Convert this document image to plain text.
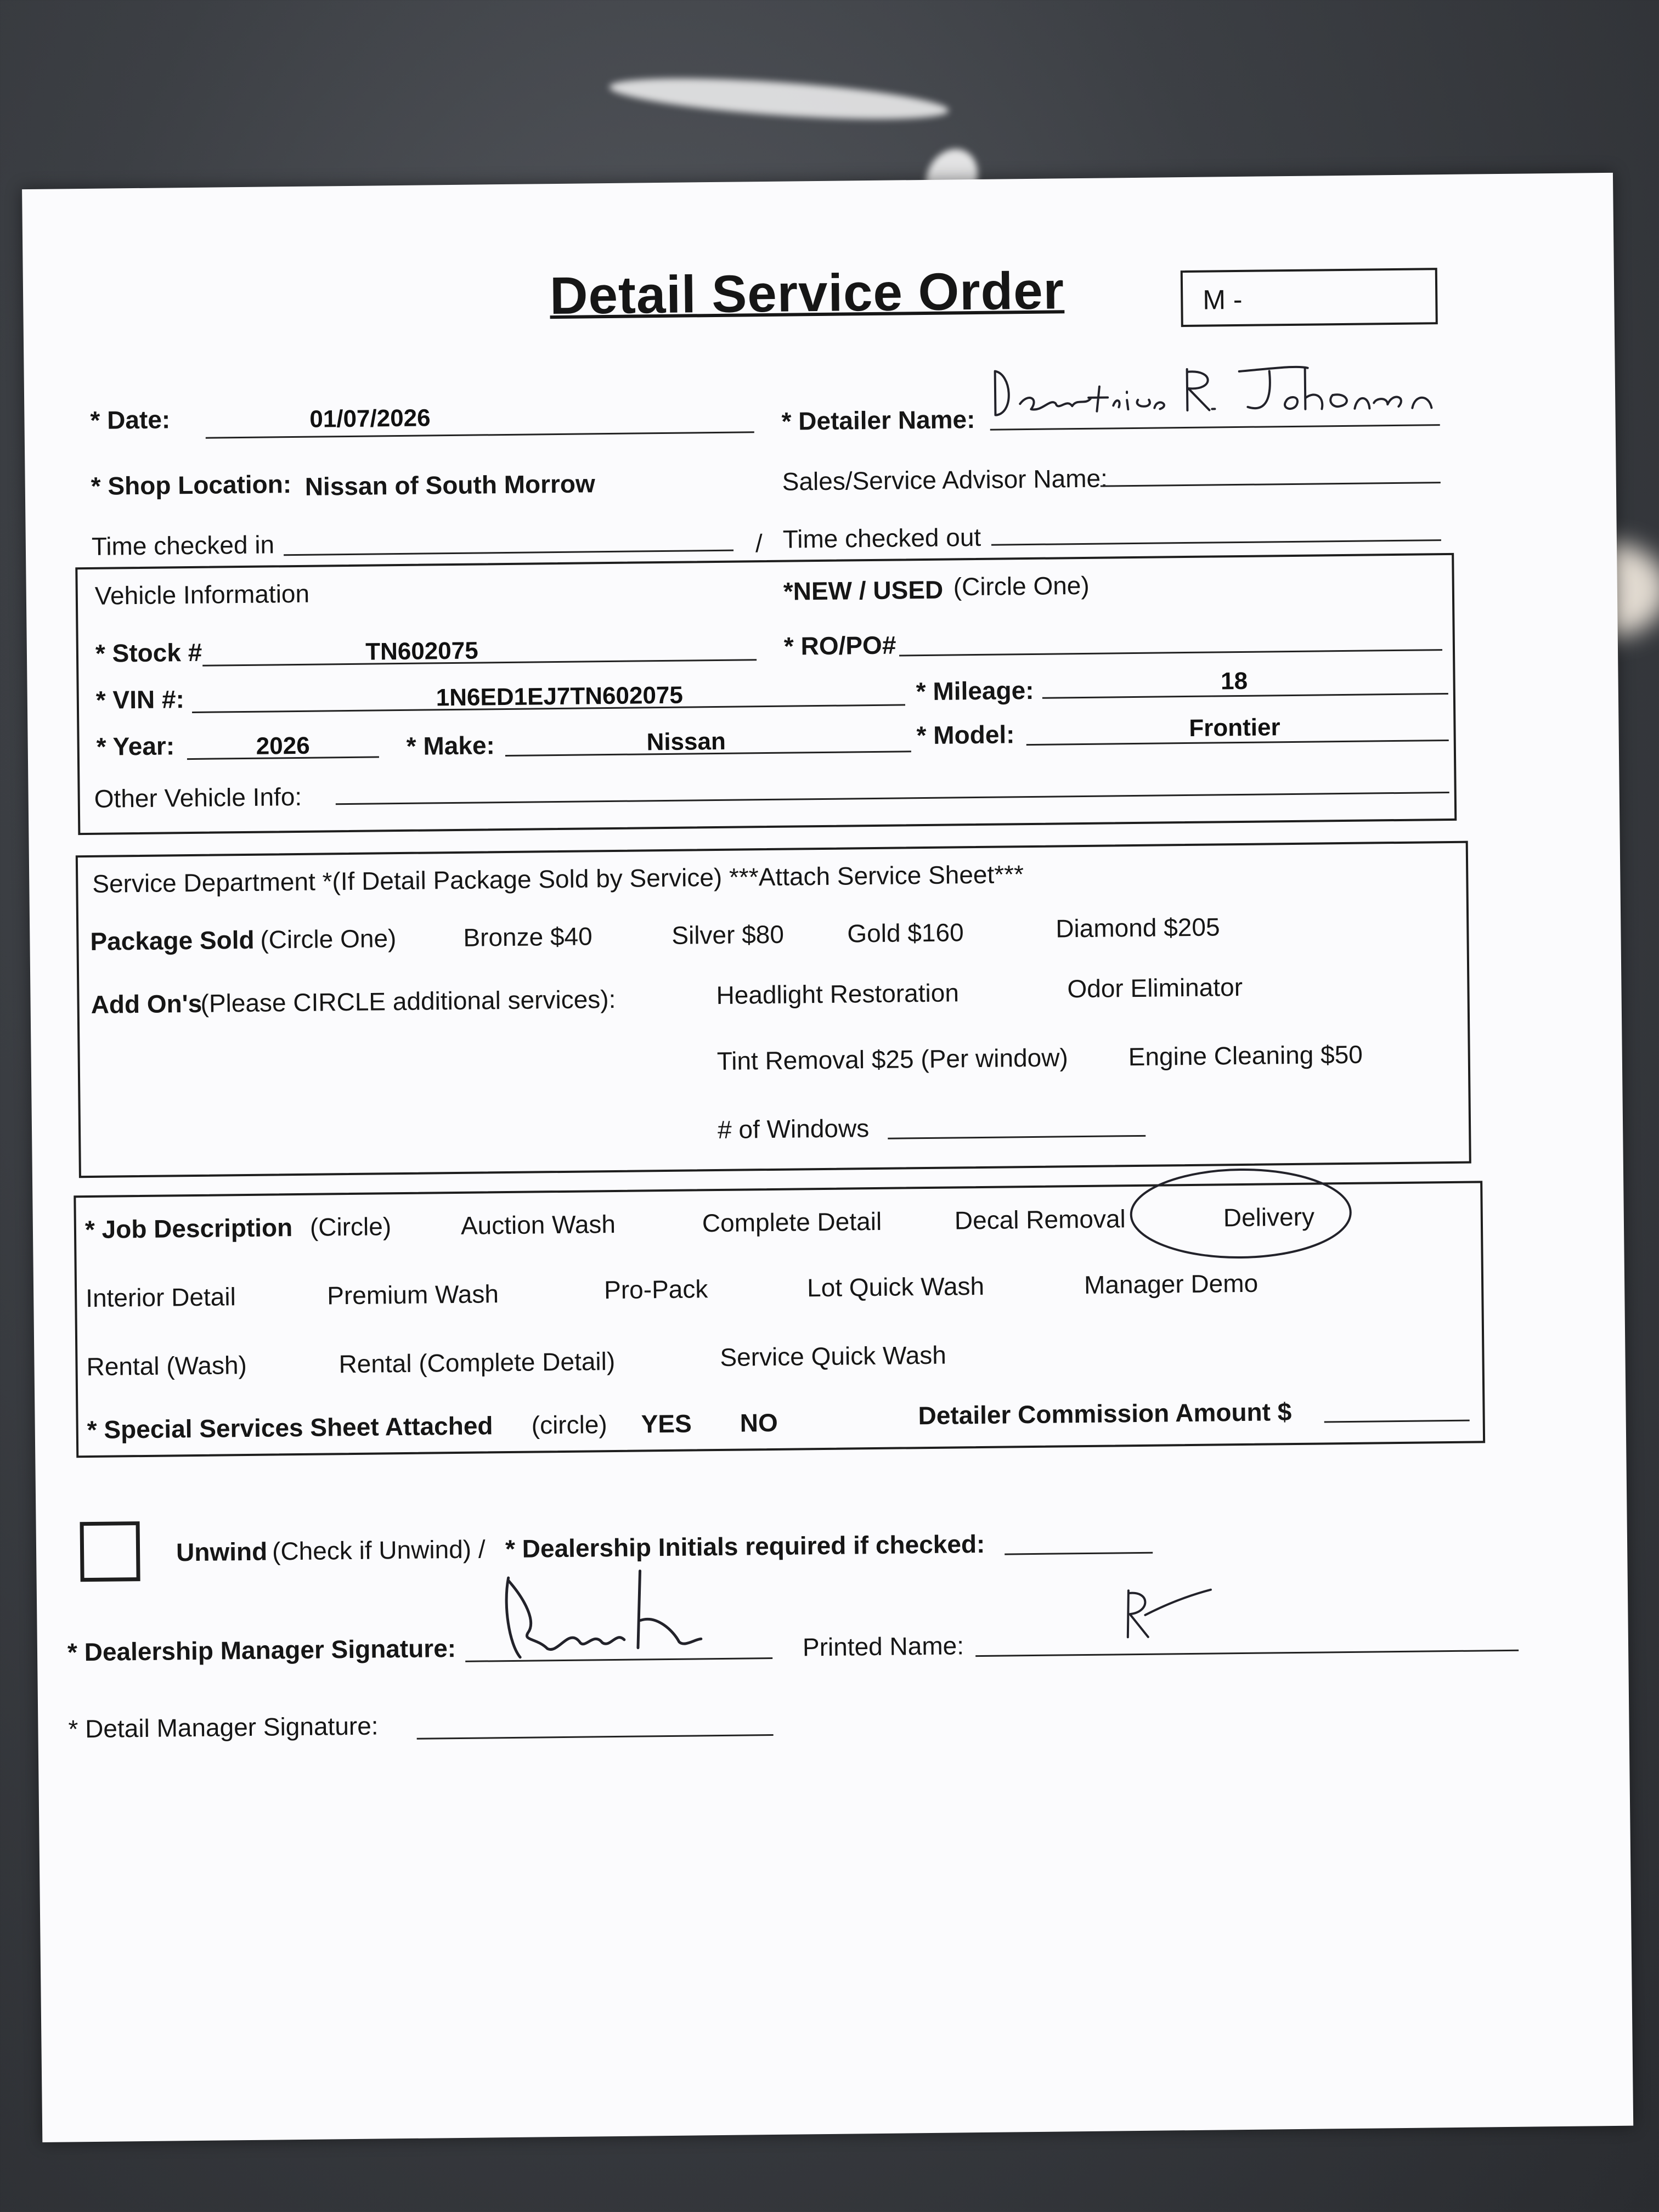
Detail Service Order	M -
* Date:	01/07/2026	* Detailer Name:
* Shop Location: Nissan of South Morrow	Sales/Service Advisor Name:
Time checked in	/ Time checked out
Vehicle Information	*NEW / USED (Circle One)
* Stock #	TN602075	* RO/PO#
* VIN #:	1N6ED1EJ7TN602075	* Mileage:	18
* Year:	2026	* Make:	Nissan	* Model:	Frontier
Other Vehicle Info:
Service Department *(If Detail Package Sold by Service) ***Attach Service Sheet***
Package Sold (Circle One)	Bronze $40	Silver $80 Gold $160	Diamond $205
Add On's
(Please CIRCLE additional services):	Headlight Restoration	Odor Eliminator
Tint Removal $25 (Per window) Engine Cleaning $50
# of Windows
* Job Description (Circle)	Auction Wash	Complete Detail	Decal Removal	Delivery
Interior Detail	Premium Wash	Pro-Pack	Lot Quick Wash	Manager Demo
Rental (Wash)	Rental (Complete Detail)	Service Quick Wash
* Special Services Sheet Attached (circle) YES NO	Detailer Commission Amount $
Unwind (Check if Unwind) / * Dealership Initials required if checked:
* Dealership Manager Signature:	Printed Name:
* Detail Manager Signature:
